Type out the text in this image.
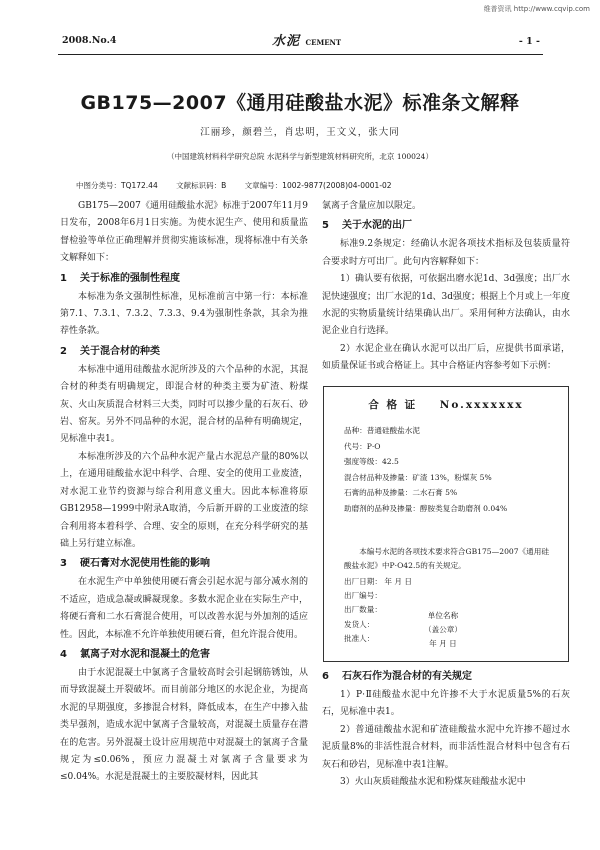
维普资讯 http://www.cqvip.com
2008.No.4	水泥 CEMENT	- 1 -
GB175—2007《通用硅酸盐水泥》标准条文解释
江丽珍，颜碧兰，肖忠明，王文义，张大同
（中国建筑材料科学研究总院 水泥科学与新型建筑材料研究所，北京 100024）
中图分类号：TQ172.44 文献标识码：B 文章编号：1002-9877(2008)04-0001-02

GB175—2007《通用硅酸盐水泥》标准于2007年11月9日发布，2008年6月1日实施。为使水泥生产、使用和质量监督检验等单位正确理解并贯彻实施该标准，现将标准中有关条文解释如下：

1 关于标准的强制性程度

本标准为条文强制性标准，见标准前言中第一行：本标准第7.1、7.3.1、7.3.2、7.3.3、9.4为强制性条款，其余为推荐性条款。

2 关于混合材的种类

本标准中通用硅酸盐水泥所涉及的六个品种的水泥，其混合材的种类有明确规定，即混合材的种类主要为矿渣、粉煤灰、火山灰质混合材料三大类，同时可以掺少量的石灰石、砂岩、窑灰。另外不同品种的水泥，混合材的品种有明确规定，见标准中表1。

本标准所涉及的六个品种水泥产量占水泥总产量的80%以上，在通用硅酸盐水泥中科学、合理、安全的使用工业废渣，对水泥工业节约资源与综合利用意义重大。因此本标准将原GB12958—1999中附录A取消，今后新开辟的工业废渣的综合利用将本着科学、合理、安全的原则，在充分科学研究的基础上另行建立标准。

3 硬石膏对水泥使用性能的影响

在水泥生产中单独使用硬石膏会引起水泥与部分减水剂的不适应，造成急凝或瞬凝现象。多数水泥企业在实际生产中，将硬石膏和二水石膏混合使用，可以改善水泥与外加剂的适应性。因此，本标准不允许单独使用硬石膏，但允许混合使用。

4 氯离子对水泥和混凝土的危害

由于水泥混凝土中氯离子含量较高时会引起钢筋锈蚀，从而导致混凝土开裂破坏。而目前部分地区的水泥企业，为提高水泥的早期强度，多掺混合材料，降低成本，在生产中掺入盐类早强剂，造成水泥中氯离子含量较高，对混凝土质量存在潜在的危害。另外混凝土设计应用规范中对混凝土的氯离子含量规定为≤0.06%，预应力混凝土对氯离子含量要求为≤0.04%。水泥是混凝土的主要胶凝材料，因此其

氯离子含量应加以限定。

5 关于水泥的出厂

标准9.2条规定：经确认水泥各项技术指标及包装质量符合要求时方可出厂。此句内容解释如下：

1）确认要有依据，可依据出磨水泥1d、3d强度；出厂水泥快速强度；出厂水泥的1d、3d强度；根据上个月或上一年度水泥的实物质量统计结果确认出厂。采用何种方法确认，由水泥企业自行选择。

2）水泥企业在确认水泥可以出厂后，应提供书面承诺，如质量保证书或合格证上。其中合格证内容参考如下示例：

合 格 证 No.xxxxxxx
品种：普通硅酸盐水泥
代号：P·O
强度等级：42.5
混合材品种及掺量：矿渣 13%，粉煤灰 5%
石膏的品种及掺量：二水石膏 5%
助磨剂的品种及掺量：醇胺类复合助磨剂 0.04%

本编号水泥的各项技术要求符合GB175—2007《通用硅酸盐水泥》中P·O42.5的有关规定。

出厂日期： 年 月 日
出厂编号：
出厂数量：
发货人：
批准人：
单位名称
（盖公章）
年 月 日
6 石灰石作为混合材的有关规定

1）P·Ⅱ硅酸盐水泥中允许掺不大于水泥质量5%的石灰石，见标准中表1。

2）普通硅酸盐水泥和矿渣硅酸盐水泥中允许掺不超过水泥质量8%的非活性混合材料，而非活性混合材料中包含有石灰石和砂岩，见标准中表1注解。

3）火山灰质硅酸盐水泥和粉煤灰硅酸盐水泥中
